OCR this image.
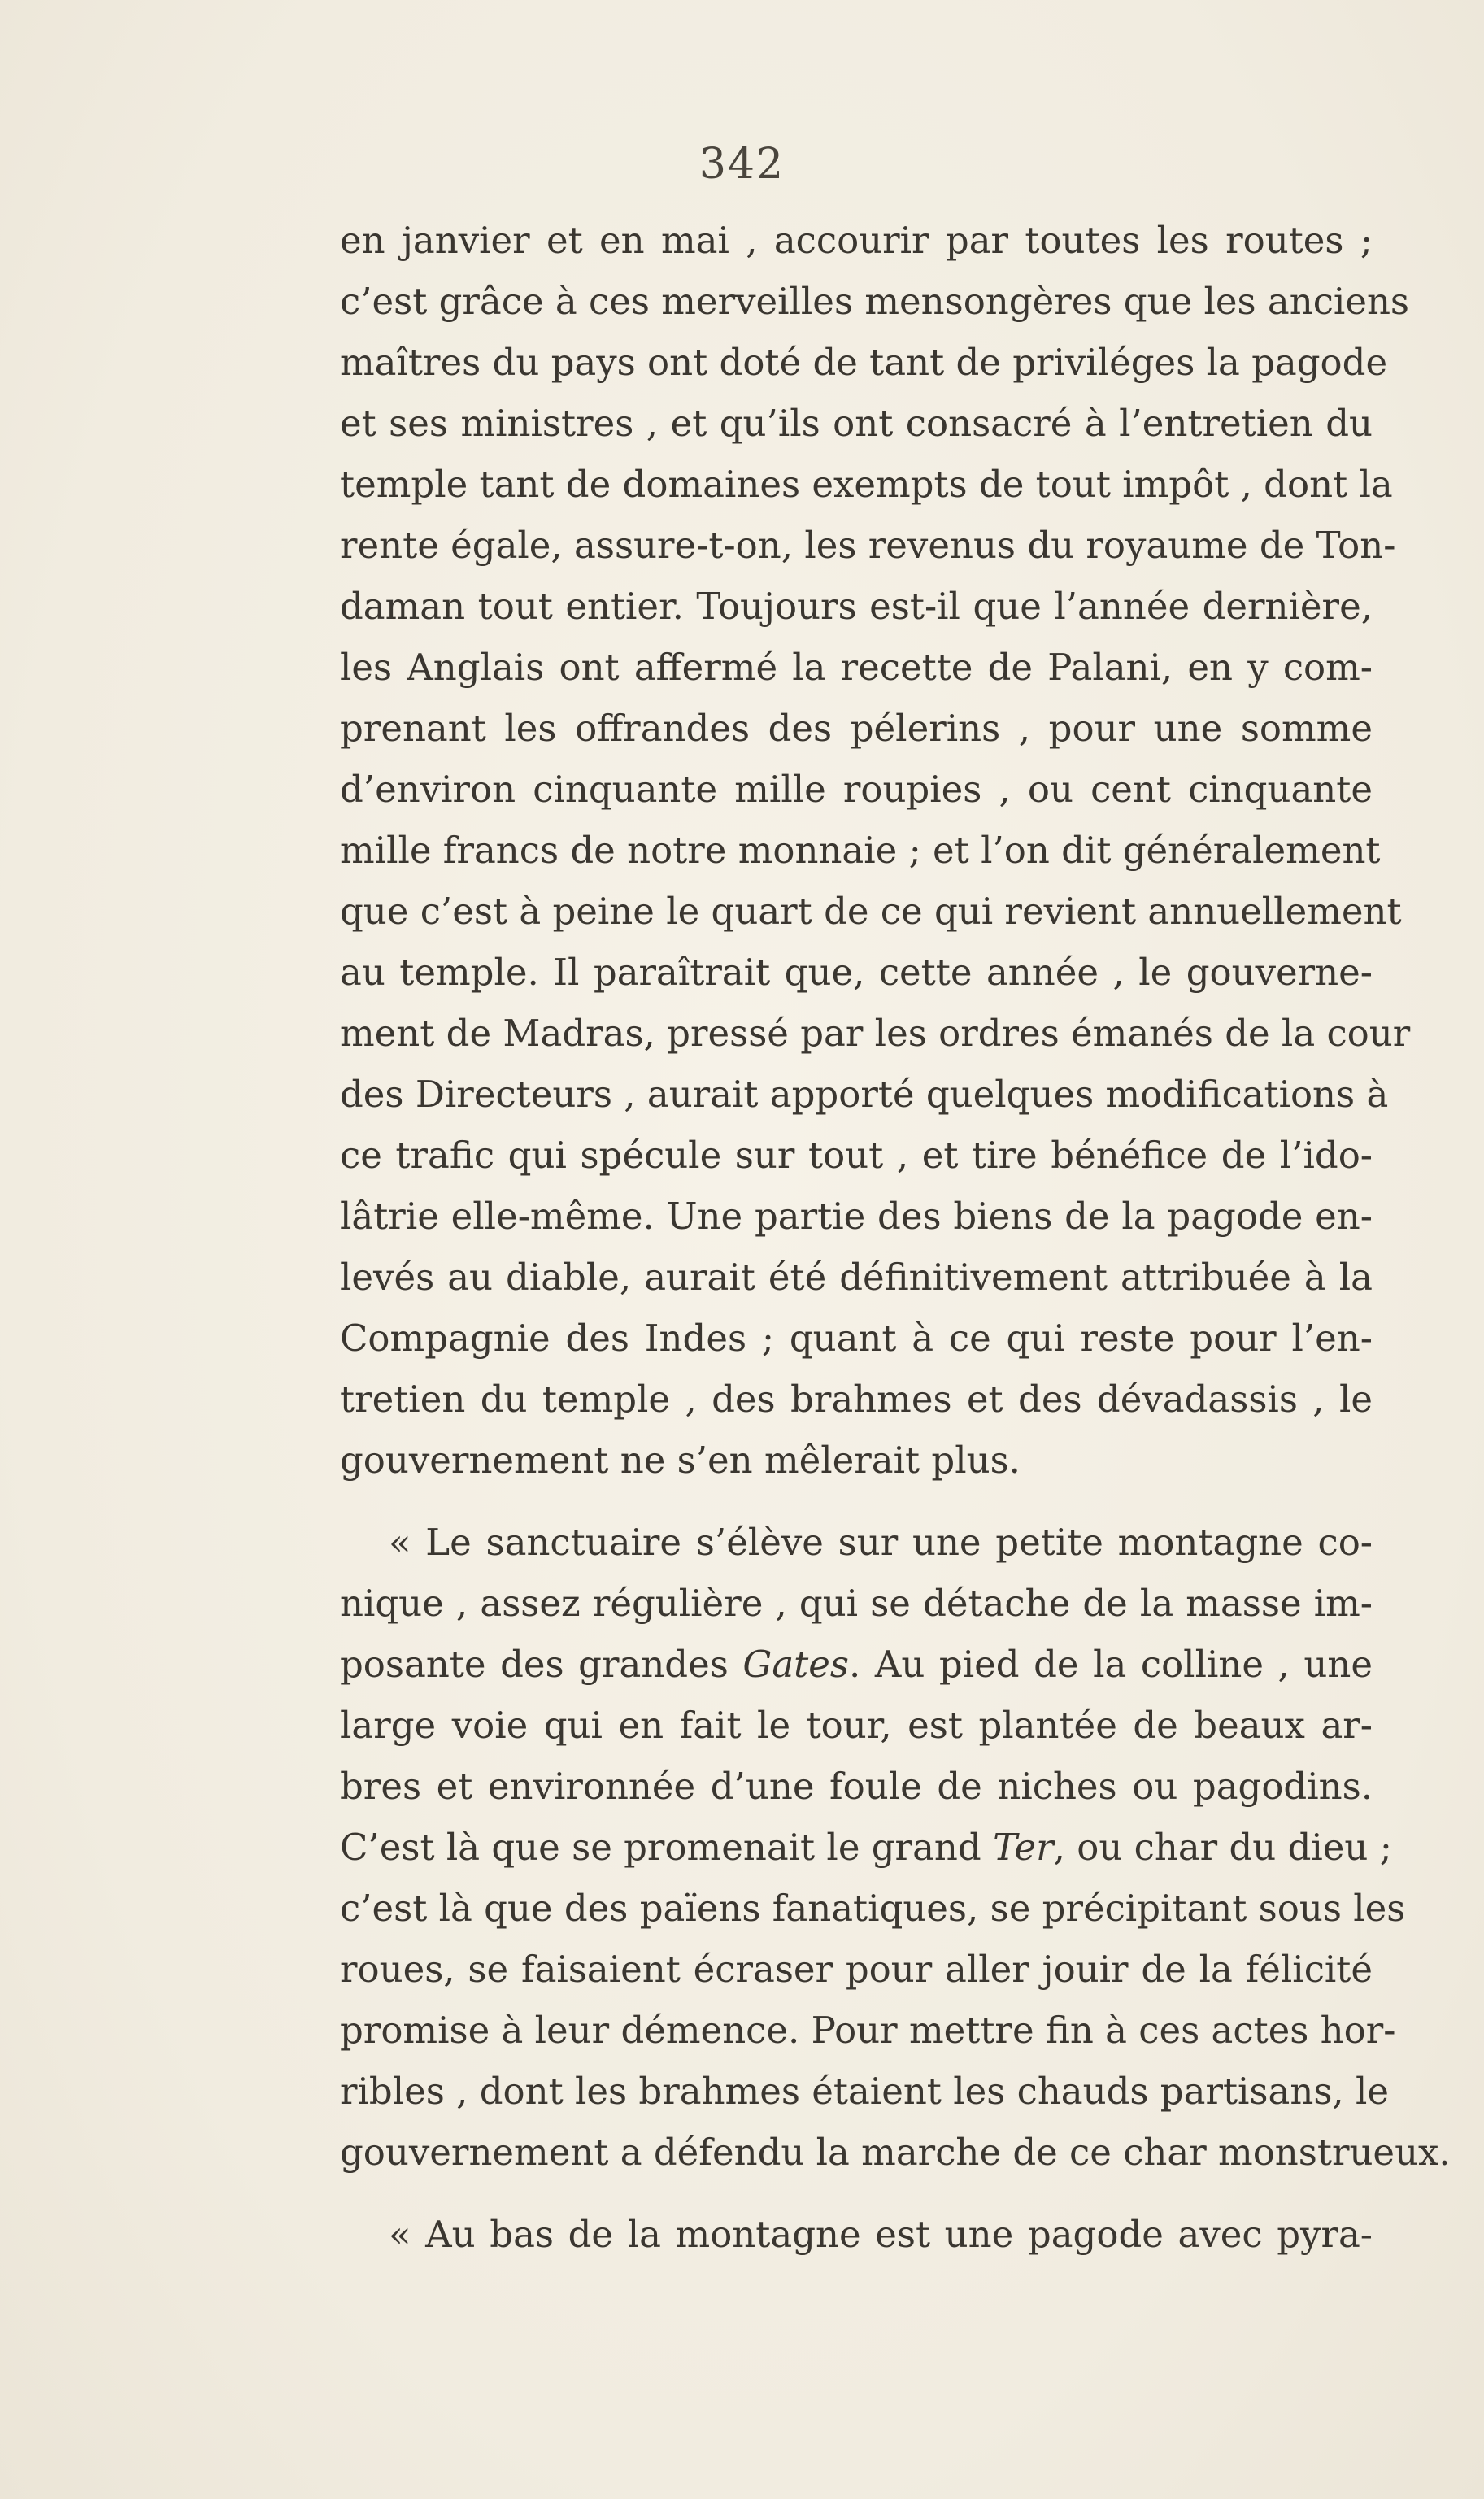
342
en janvier et en mai , accourir par toutes les routes ;
c’est grâce à ces merveilles mensongères que les anciens
maîtres du pays ont doté de tant de priviléges la pagode
et ses ministres , et qu’ils ont consacré à l’entretien du
temple tant de domaines exempts de tout impôt , dont la
rente égale, assure-t-on, les revenus du royaume de Ton-
daman tout entier. Toujours est-il que l’année dernière,
les Anglais ont affermé la recette de Palani, en y com-
prenant les offrandes des pélerins , pour une somme
d’environ cinquante mille roupies , ou cent cinquante
mille francs de notre monnaie ; et l’on dit généralement
que c’est à peine le quart de ce qui revient annuellement
au temple. Il paraîtrait que, cette année , le gouverne-
ment de Madras, pressé par les ordres émanés de la cour
des Directeurs , aurait apporté quelques modifications à
ce trafic qui spécule sur tout , et tire bénéfice de l’ido-
lâtrie elle-même. Une partie des biens de la pagode en-
levés au diable, aurait été définitivement attribuée à la
Compagnie des Indes ; quant à ce qui reste pour l’en-
tretien du temple , des brahmes et des dévadassis , le
gouvernement ne s’en mêlerait plus.
« Le sanctuaire s’élève sur une petite montagne co-
nique , assez régulière , qui se détache de la masse im-
posante des grandes Gates. Au pied de la colline , une
large voie qui en fait le tour, est plantée de beaux ar-
bres et environnée d’une foule de niches ou pagodins.
C’est là que se promenait le grand Ter, ou char du dieu ;
c’est là que des païens fanatiques, se précipitant sous les
roues, se faisaient écraser pour aller jouir de la félicité
promise à leur démence. Pour mettre fin à ces actes hor-
ribles , dont les brahmes étaient les chauds partisans, le
gouvernement a défendu la marche de ce char monstrueux.
« Au bas de la montagne est une pagode avec pyra-
